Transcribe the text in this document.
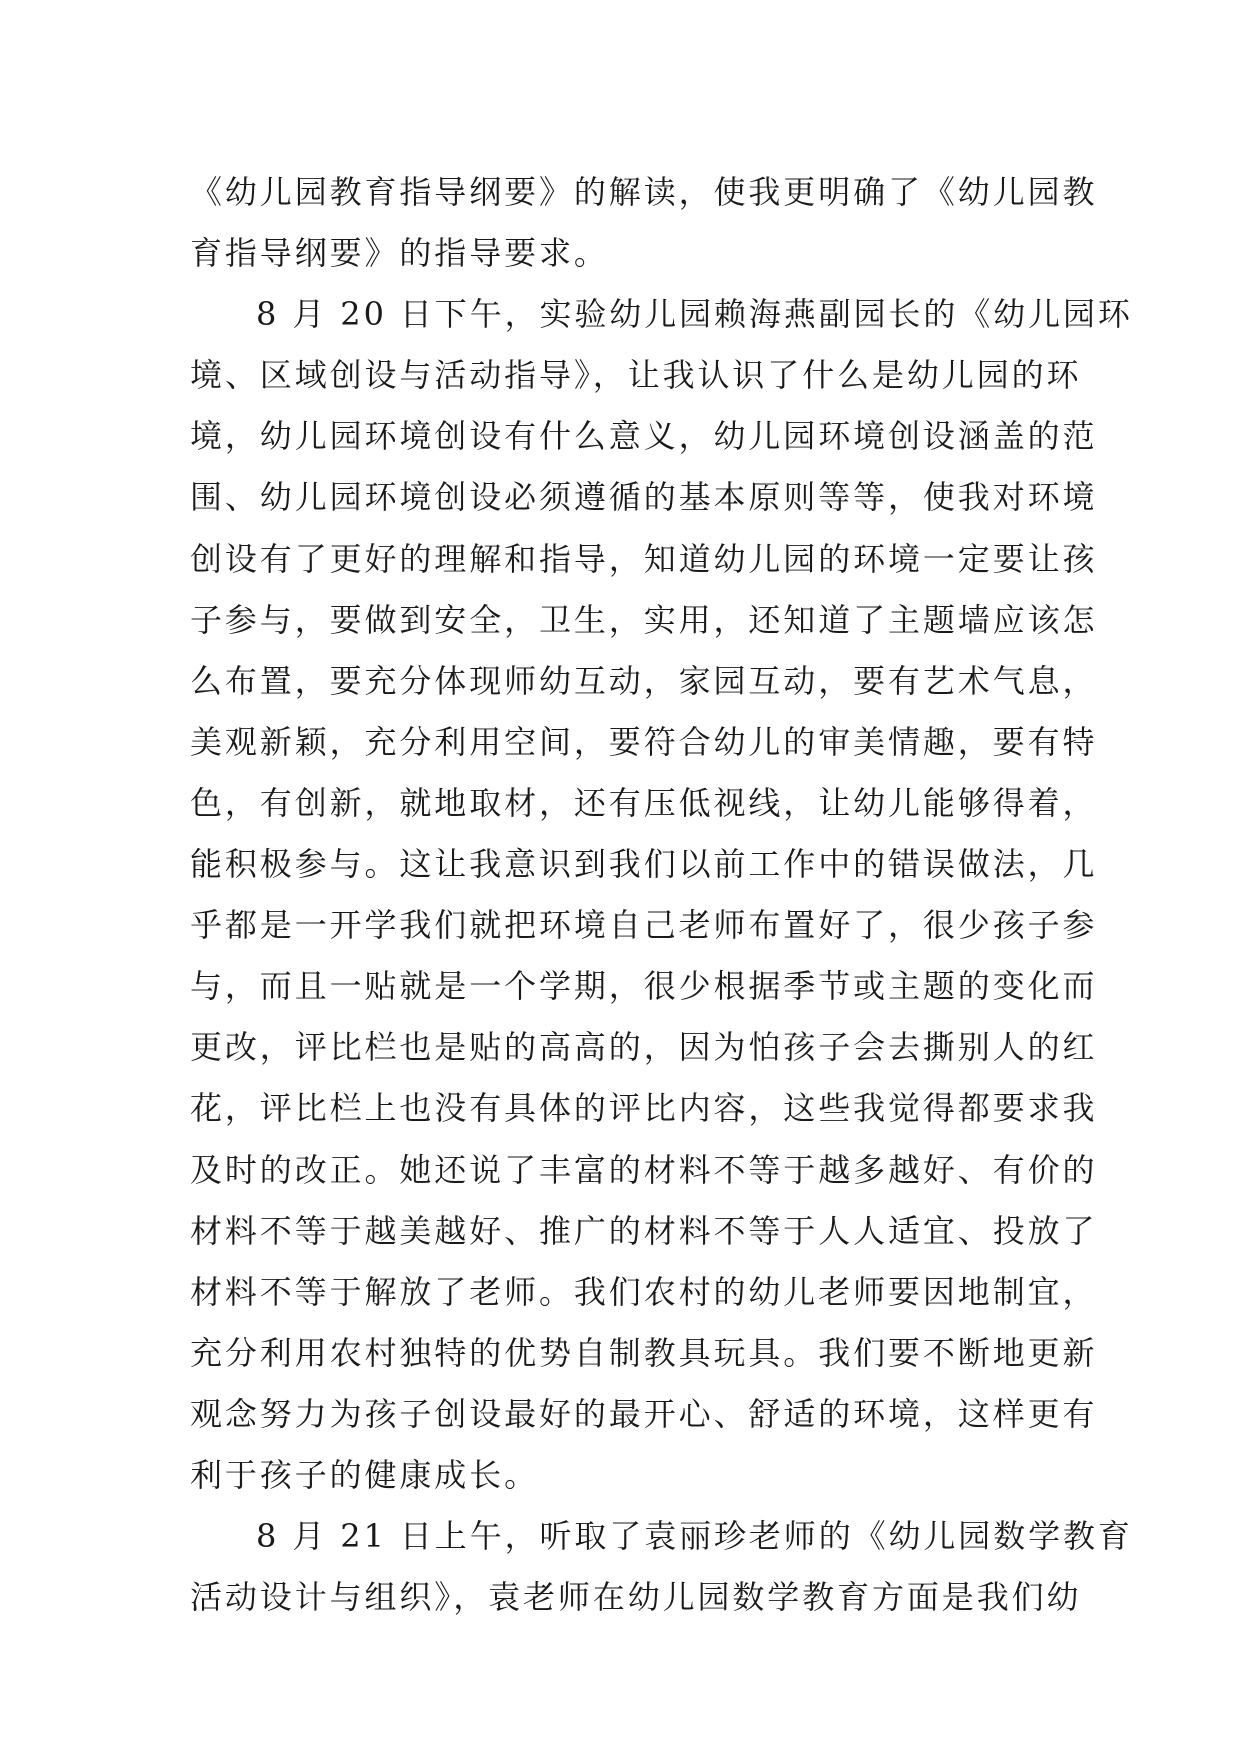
《幼儿园教育指导纲要》的解读，使我更明确了《幼儿园教
育指导纲要》的指导要求。
8 月 20 日下午，实验幼儿园赖海燕副园长的《幼儿园环
境、区域创设与活动指导》，让我认识了什么是幼儿园的环
境，幼儿园环境创设有什么意义，幼儿园环境创设涵盖的范
围、幼儿园环境创设必须遵循的基本原则等等，使我对环境
创设有了更好的理解和指导，知道幼儿园的环境一定要让孩
子参与，要做到安全，卫生，实用，还知道了主题墙应该怎
么布置，要充分体现师幼互动，家园互动，要有艺术气息，
美观新颖，充分利用空间，要符合幼儿的审美情趣，要有特
色，有创新，就地取材，还有压低视线，让幼儿能够得着，
能积极参与。这让我意识到我们以前工作中的错误做法，几
乎都是一开学我们就把环境自己老师布置好了，很少孩子参
与，而且一贴就是一个学期，很少根据季节或主题的变化而
更改，评比栏也是贴的高高的，因为怕孩子会去撕别人的红
花，评比栏上也没有具体的评比内容，这些我觉得都要求我
及时的改正。她还说了丰富的材料不等于越多越好、有价的
材料不等于越美越好、推广的材料不等于人人适宜、投放了
材料不等于解放了老师。我们农村的幼儿老师要因地制宜，
充分利用农村独特的优势自制教具玩具。我们要不断地更新
观念努力为孩子创设最好的最开心、舒适的环境，这样更有
利于孩子的健康成长。
8 月 21 日上午，听取了袁丽珍老师的《幼儿园数学教育
活动设计与组织》，袁老师在幼儿园数学教育方面是我们幼
